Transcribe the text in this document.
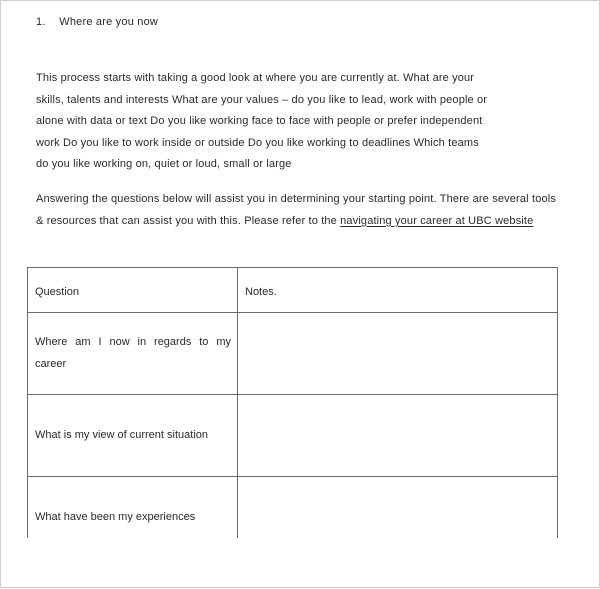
1. Where are you now
This process starts with taking a good look at where you are currently at. What are your
skills, talents and interests What are your values – do you like to lead, work with people or
alone with data or text Do you like working face to face with people or prefer independent
work Do you like to work inside or outside Do you like working to deadlines Which teams
do you like working on, quiet or loud, small or large
Answering the questions below will assist you in determining your starting point. There are several tools & resources that can assist you with this. Please refer to the navigating your career at UBC website
Question	Notes.

Where am I now in regards to my career	

What is my view of current situation	

What have been my experiences	
